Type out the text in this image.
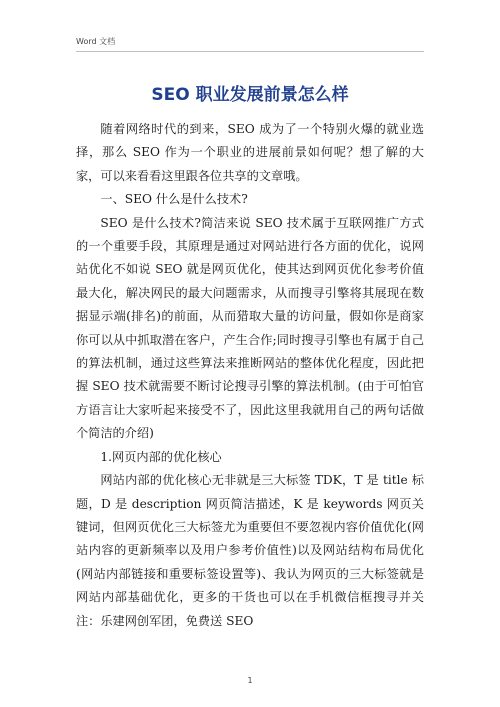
Word 文档
SEO 职业发展前景怎么样

随着网络时代的到来，SEO 成为了一个特别火爆的就业选择，那么 SEO 作为一个职业的进展前景如何呢？想了解的大家，可以来看看这里跟各位共享的文章哦。

一、SEO 什么是什么技术?

SEO 是什么技术?简洁来说 SEO 技术属于互联网推广方式的一个重要手段，其原理是通过对网站进行各方面的优化，说网站优化不如说 SEO 就是网页优化，使其达到网页优化参考价值最大化，解决网民的最大问题需求，从而搜寻引擎将其展现在数据显示端(排名)的前面，从而猎取大量的访问量，假如你是商家你可以从中抓取潜在客户，产生合作;同时搜寻引擎也有属于自己的算法机制，通过这些算法来推断网站的整体优化程度，因此把握 SEO 技术就需要不断讨论搜寻引擎的算法机制。(由于可怕官方语言让大家听起来接受不了，因此这里我就用自己的两句话做个简洁的介绍)

1.网页内部的优化核心

网站内部的优化核心无非就是三大标签 TDK，T 是 title 标题，D 是 description 网页简洁描述，K 是 keywords 网页关键词，但网页优化三大标签尤为重要但不要忽视内容价值优化(网站内容的更新频率以及用户参考价值性)以及网站结构布局优化(网站内部链接和重要标签设置等)、我认为网页的三大标签就是网站内部基础优化，更多的干货也可以在手机微信框搜寻并关注：乐建网创军团，免费送 SEO

1
